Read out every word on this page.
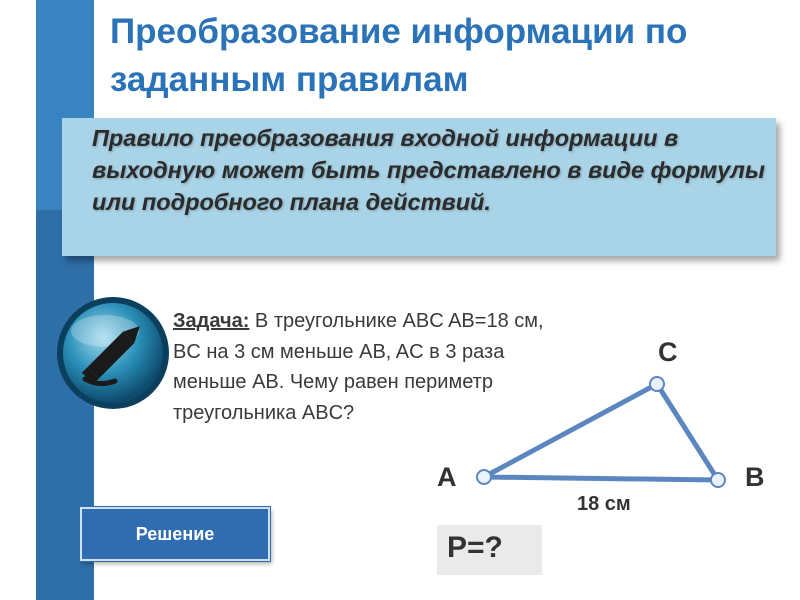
Преобразование информации по заданным правилам
Правило преобразования входной информации в выходную может быть представлено в виде формулы или подробного плана действий.
Задача: В треугольнике ABC AB=18 см, BC на 3 см меньше AB, AC в 3 раза меньше AB. Чему равен периметр треугольника ABC?
Решение
A	B
C
18 см
P=?
